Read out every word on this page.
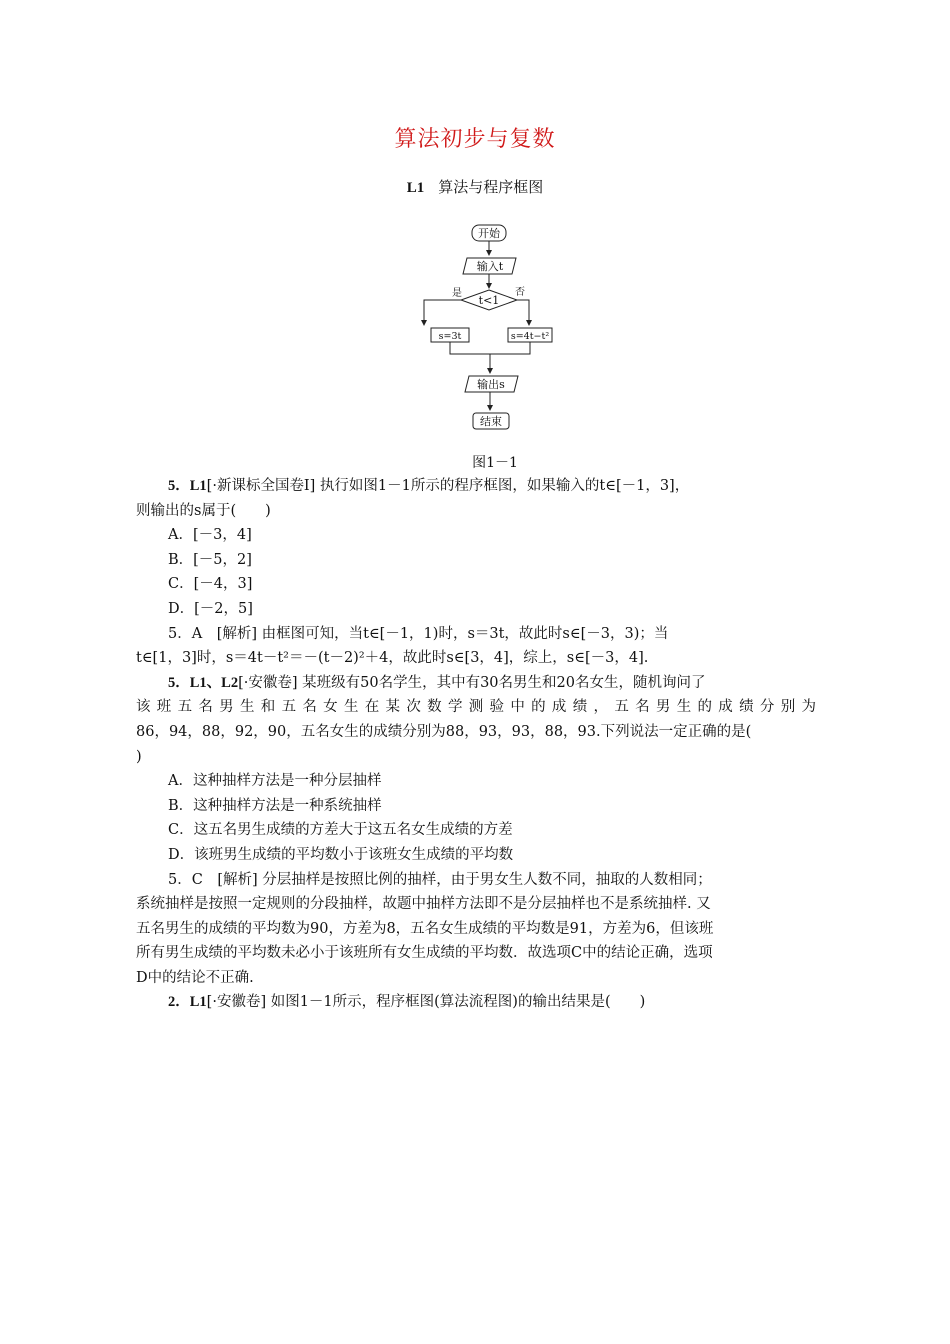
算法初步与复数
L1 算法与程序框图
开始
输入t
t<1
是	否
s=3t	s=4t−t²
输出s
结束
图1－1

5．L1[·新课标全国卷Ⅰ] 执行如图1－1所示的程序框图，如果输入的t∈[－1，3]，

则输出的s属于(　　)

A．[－3，4]

B．[－5，2]

C．[－4，3]

D．[－2，5]

5．A　[解析] 由框图可知，当t∈[－1，1)时，s＝3t，故此时s∈[－3，3)；当

t∈[1，3]时，s＝4t－t²＝－(t－2)²＋4，故此时s∈[3，4]，综上，s∈[－3，4].

5．L1、L2[·安徽卷] 某班级有50名学生，其中有30名男生和20名女生，随机询问了

该 班 五 名 男 生 和 五 名 女 生 在 某 次 数 学 测 验 中 的 成 绩 ， 五 名 男 生 的 成 绩 分 别 为

86，94，88，92，90，五名女生的成绩分别为88，93，93，88，93.下列说法一定正确的是(

)

A．这种抽样方法是一种分层抽样

B．这种抽样方法是一种系统抽样

C．这五名男生成绩的方差大于这五名女生成绩的方差

D．该班男生成绩的平均数小于该班女生成绩的平均数

5．C　[解析] 分层抽样是按照比例的抽样，由于男女生人数不同，抽取的人数相同；

系统抽样是按照一定规则的分段抽样，故题中抽样方法即不是分层抽样也不是系统抽样. 又

五名男生的成绩的平均数为90，方差为8，五名女生成绩的平均数是91，方差为6，但该班

所有男生成绩的平均数未必小于该班所有女生成绩的平均数．故选项C中的结论正确，选项

D中的结论不正确.

2．L1[·安徽卷] 如图1－1所示，程序框图(算法流程图)的输出结果是(　　)
